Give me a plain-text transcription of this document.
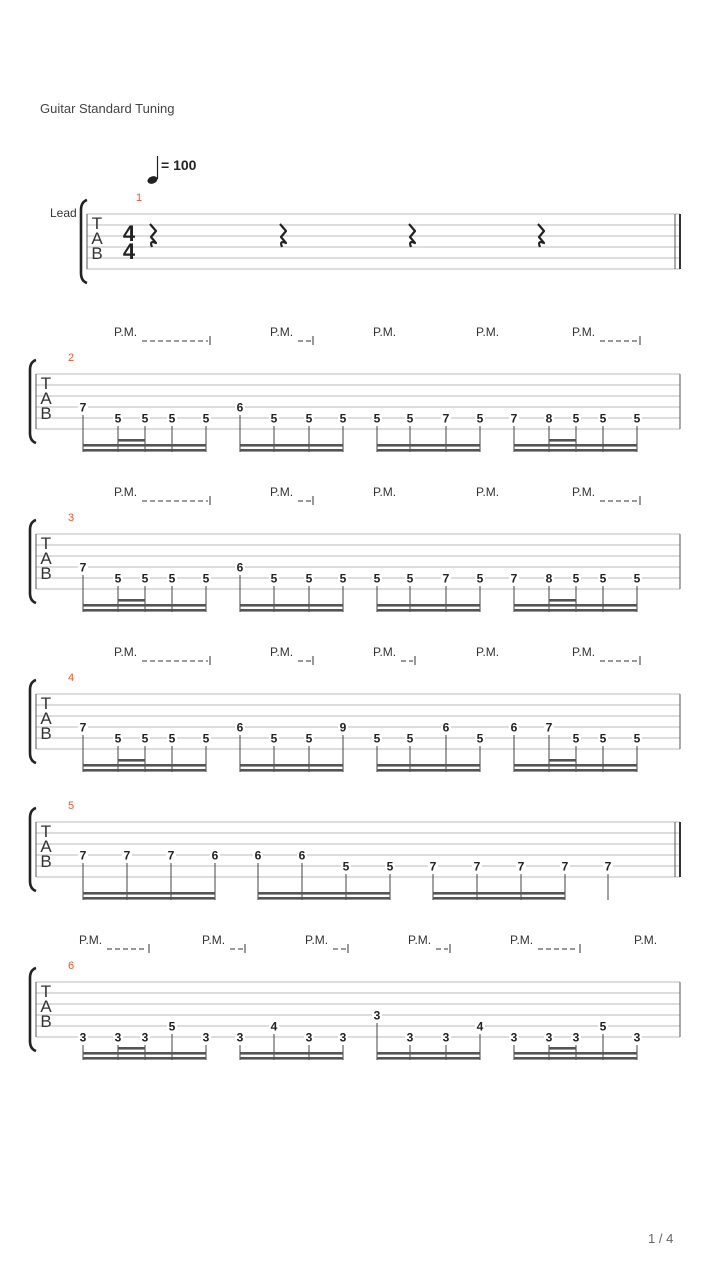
Guitar Standard Tuning
= 100
Lead
T
A
B
1
4
4
T
A
B
2
P.M.	P.M.	P.M.	P.M.	P.M.
7
5 5 5 5
6
5 5 5 5 5 7 5 7 8 5 5 5
T
A
B
3
P.M.	P.M.	P.M.	P.M.	P.M.
7
5 5 5 5
6
5 5 5 5 5 7 5 7 8 5 5 5
T
A
B
4
P.M.	P.M.	P.M.	P.M.	P.M.
7
5 5 5 5
6
5 5
9
5 5
6
5
6 7
5 5 5
T
A
B
5
7	7	7	6	6	6
5	5	7	7	7	7	7
T
A
B
6
P.M.	P.M.	P.M.	P.M.	P.M.	P.M.
3 3 3
5
3 3
4
3 3
3
3 3
4
3 3 3
5
3
1 / 4
